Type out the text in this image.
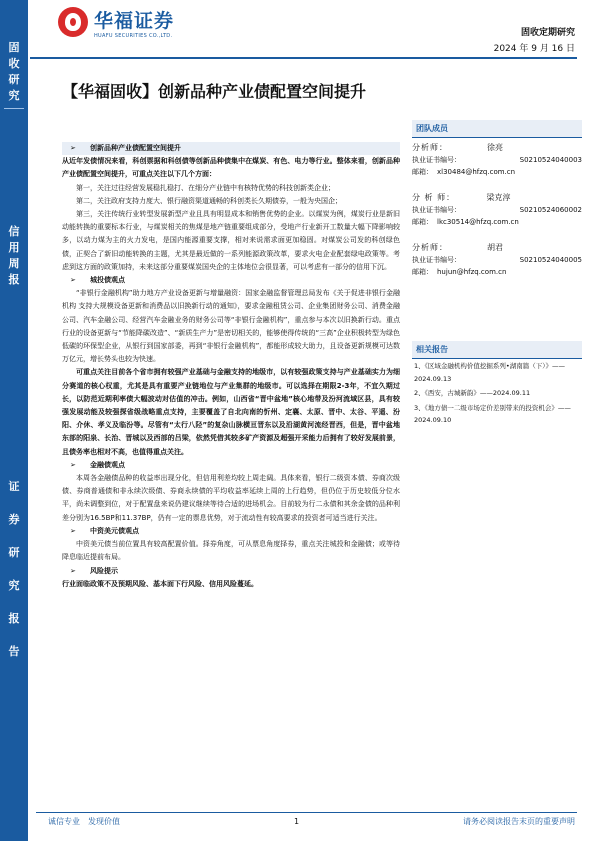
固
收
研
究
信
用
周
报
证
券
研
究
报
告
华福证券
HUAFU SECURITIES CO.,LTD.	固收定期研究
2024 年 9 月 16 日
【华福固收】创新品种产业债配置空间提升
➢ 创新品种产业债配置空间提升
从近年发债情况来看，科创票据和科创债等创新品种债集中在煤炭、有色、电力等行业。整体来看，创新品种产业债配置空间提升，可重点关注以下几个方面：
第一，关注过往经营发展稳扎稳打、在细分产业链中有核特优势的科技创新类企业；
第二，关注政府支持力度大、银行融资渠道通畅的科创类长久期债券，一般为央国企；
第三，关注传统行业转型发展新型产业且具有明显成本和销售优势的企业。以煤炭为例，煤炭行业是新旧动能转换的重要标本行业，与煤炭相关的焦煤是地产链重要组成部分，受地产行业新开工数量大幅下降影响较多，以动力煤为主的火力发电，是国内能源重要支撑，相对来说需求面更加稳固。对煤炭公司发的科创绿色债，正契合了新旧动能转换的主题，尤其是最近做的一系列能源政策改革，要求火电企业配套绿电政策等。考虑到这方面的政策加持，未来这部分重要煤炭国央企的主体地位会很显著，可以考虑有一部分的信用下沉。
➢ 城投债观点
“非银行金融机构”助力地方产业设备更新与增量融资：国家金融监督管理总局发布《关于促进非银行金融机构 支持大规模设备更新和消费品以旧换新行动的通知》，要求金融租赁公司、企业集团财务公司、消费金融公司、汽车金融公司、经营汽车金融业务的财务公司等“非银行金融机构”，重点参与本次以旧换新行动。重点行业的设备更新与“节能降碳改造”、“新质生产力”是密切相关的，能够使得传统的“三高”企业积极转型为绿色低碳的环保型企业，从银行到国家部委，再到“非银行金融机构”，都能形成较大助力，且设备更新规模可达数万亿元，增长势头也较为快速。
可重点关注目前各个省市拥有较强产业基础与金融支持的地级市，以有较强政策支持与产业基础实力为细分赛道的核心权重，尤其是具有重要产业链地位与产业集群的地级市。可以选择在期限2-3年，不宜久期过长，以防范近期利率债大幅波动对估值的冲击。例如，山西省“晋中盆地”核心地带及汾河流域区县，具有较强发展动能及较强探省级战略重点支持，主要覆盖了自北向南的忻州、定襄、太原、晋中、太谷、平遥、汾阳、介休、孝义及临汾等。尽管有“太行八陉”的复杂山脉横亘晋东以及沿湖黄河流经晋西，但是，晋中盆地东部的阳泉、长治、晋城以及西部的吕梁，依然凭借其较多矿产资源及超强开采能力后拥有了较好发展前景，且债务率也相对不高，也值得重点关注。
➢ 金融债观点
本周各金融债品种的收益率出现分化，但信用利差均较上周走阔。具体来看，银行二级资本债、券商次级债、券商普通债和非永续次级债、券商永续债的平均收益率延续上周的上行趋势，但仍位于历史较低分位水平，尚未调整到位，对于配置盘来说仍建议继续等待合适的进场机会。目前较为行二永债和其余金债的品种利差分别为16.5BP和11.37BP，仍有一定的票息优势，对于流动性有较高要求的投资者可适当进行关注。
➢ 中资美元债观点
中资美元债当前位置具有较高配置价值。择券角度，可从票息角度择券，重点关注城投和金融债；或等待降息临近提前布局。
➢ 风险提示
行业面临政策不及预期风险、基本面下行风险、信用风险蔓延。
团队成员
分析师：	徐亮
执业证书编号：	S0210524040003
邮箱： xl30484@hfzq.com.cn
分 析 师：	梁克淳
执业证书编号：	S0210524060002
邮箱： lkc30514@hfzq.com.cn
分析师：	胡君
执业证书编号：	S0210524040005
邮箱： hujun@hfzq.com.cn
相关报告
1、《区域金融机构价值挖掘系列•湖南篇（下）》——2024.09.13
2、《西安，古城新韵》——2024.09.11
3、《地方债一二级市场定价差别带来的投资机会》——2024.09.10
诚信专业　发现价值	1	请务必阅读报告末页的重要声明
